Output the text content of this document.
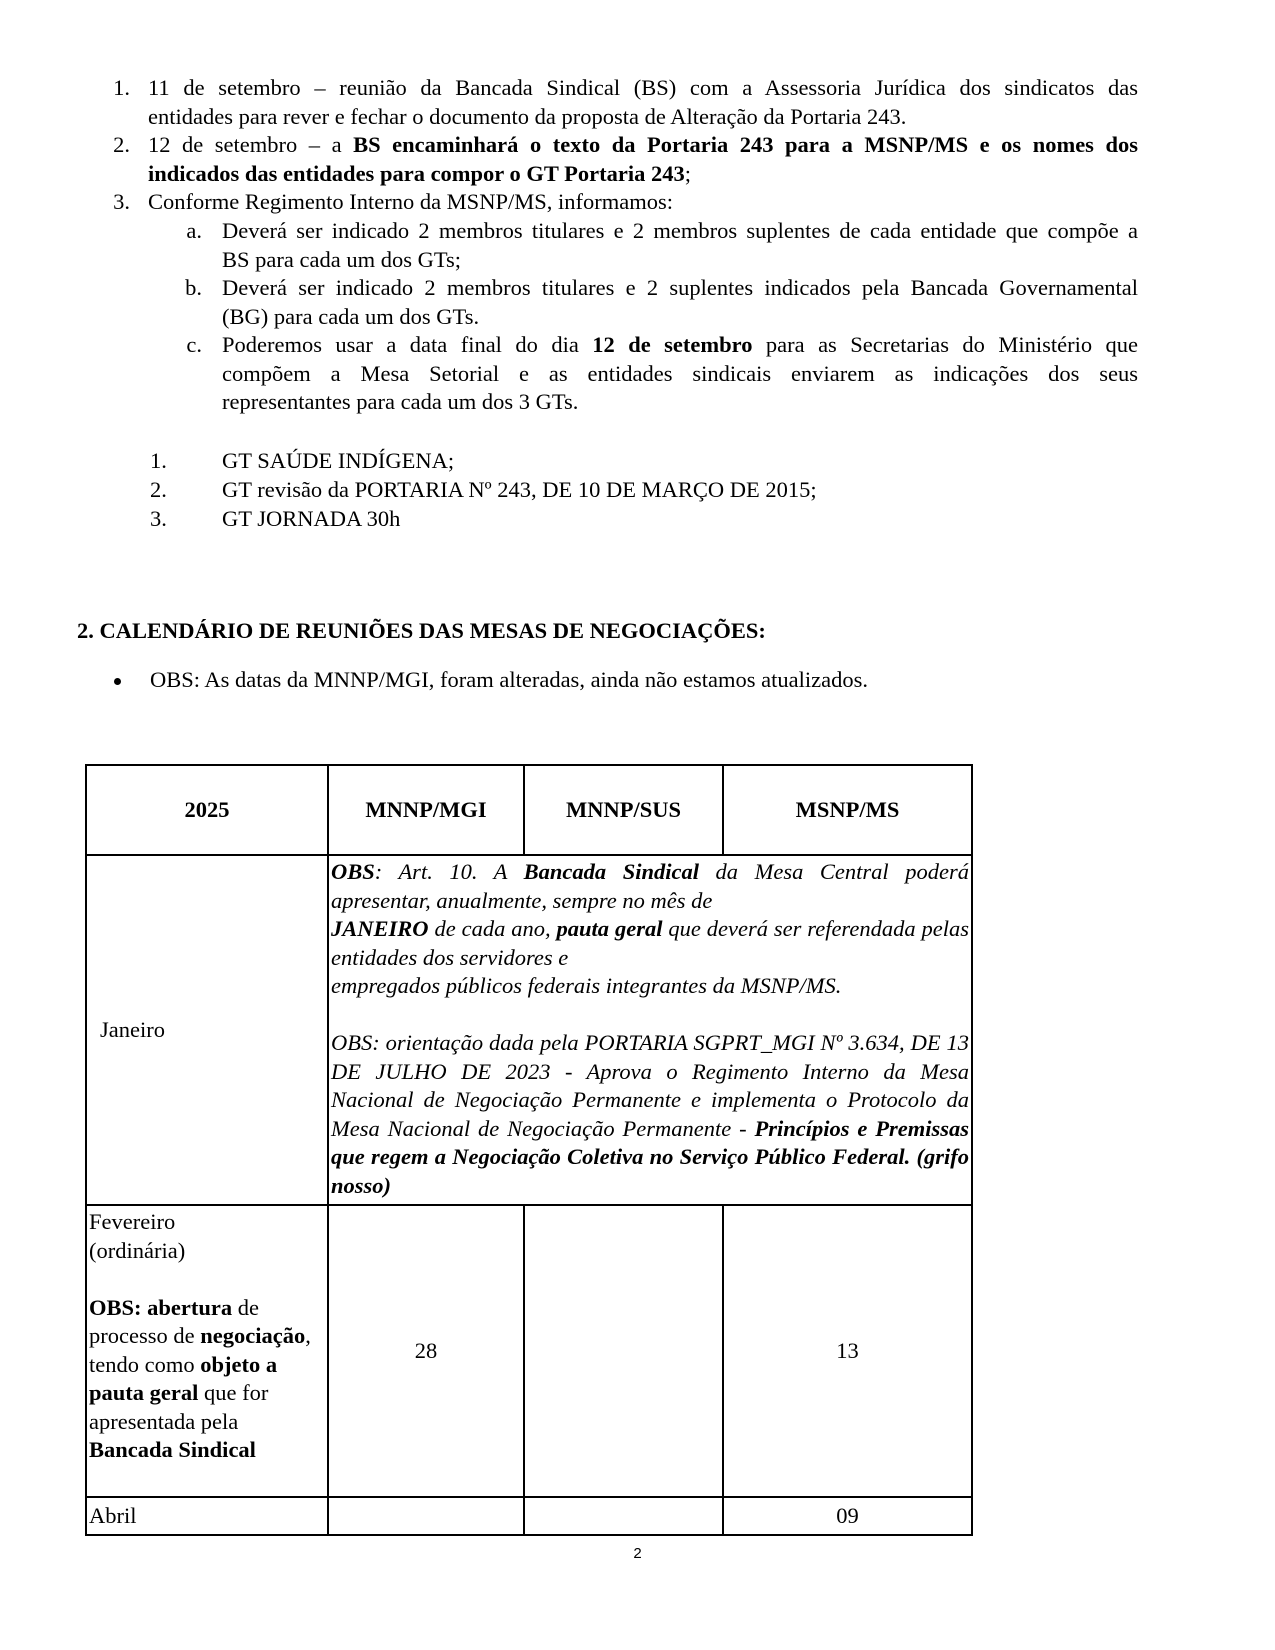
1. 11 de setembro – reunião da Bancada Sindical (BS) com a Assessoria Jurídica dos sindicatos das
entidades para rever e fechar o documento da proposta de Alteração da Portaria 243.
2. 12 de setembro – a BS encaminhará o texto da Portaria 243 para a MSNP/MS e os nomes dos
indicados das entidades para compor o GT Portaria 243;
3. Conforme Regimento Interno da MSNP/MS, informamos:
a. Deverá ser indicado 2 membros titulares e 2 membros suplentes de cada entidade que compõe a
BS para cada um dos GTs;
b. Deverá ser indicado 2 membros titulares e 2 suplentes indicados pela Bancada Governamental
(BG) para cada um dos GTs.
c. Poderemos usar a data final do dia 12 de setembro para as Secretarias do Ministério que
compõem a Mesa Setorial e as entidades sindicais enviarem as indicações dos seus
representantes para cada um dos 3 GTs.
1. GT SAÚDE INDÍGENA;
2. GT revisão da PORTARIA Nº 243, DE 10 DE MARÇO DE 2015;
3. GT JORNADA 30h
2. CALENDÁRIO DE REUNIÕES DAS MESAS DE NEGOCIAÇÕES:
OBS: As datas da MNNP/MGI, foram alteradas, ainda não estamos atualizados.
2025	MNNP/MGI	MNNP/SUS	MSNP/MS
Janeiro	OBS: Art. 10. A Bancada Sindical da Mesa Central poderá apresentar, anualmente, sempre no mês de
JANEIRO de cada ano, pauta geral que deverá ser referendada pelas entidades dos servidores e
empregados públicos federais integrantes da MSNP/MS.

OBS: orientação dada pela PORTARIA SGPRT_MGI Nº 3.634, DE 13 DE JULHO DE 2023 - Aprova o Regimento Interno da Mesa Nacional de Negociação Permanente e implementa o Protocolo da Mesa Nacional de Negociação Permanente - Princípios e Premissas que regem a Negociação Coletiva no Serviço Público Federal. (grifo nosso)		

Fevereiro

(ordinária)

OBS: abertura de processo de negociação, tendo como objeto a pauta geral que for apresentada pela Bancada Sindical	28		13
Abril			09
2
